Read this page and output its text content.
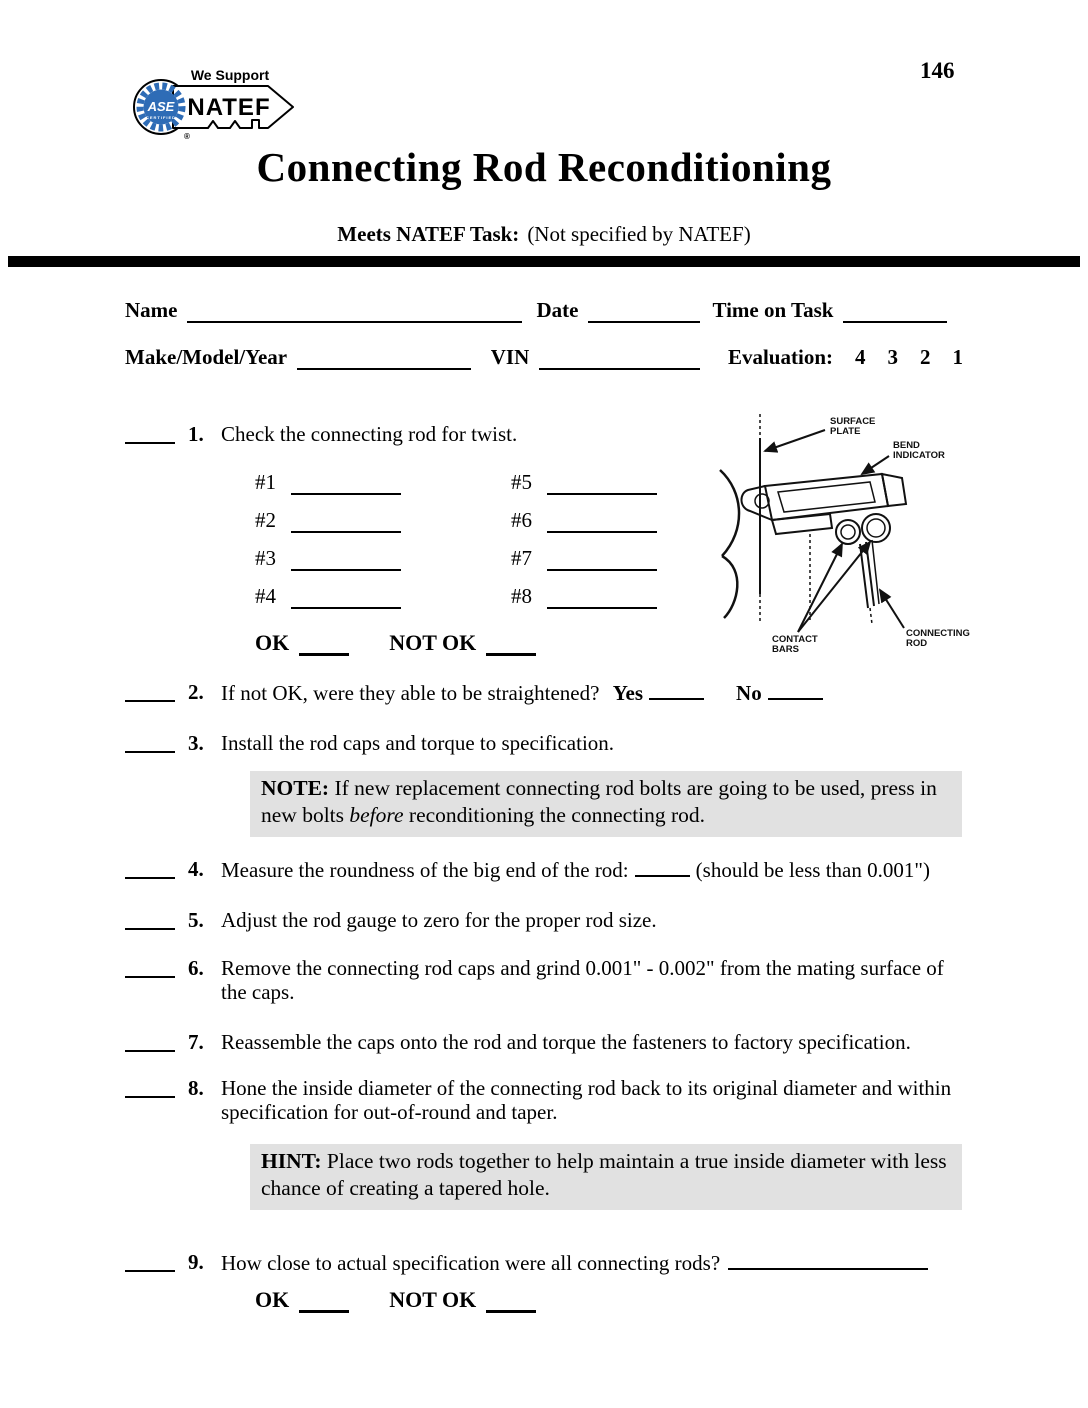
ASE
CERTIFIED
We Support
NATEF
®
146
Connecting Rod Reconditioning
Meets NATEF Task: (Not specified by NATEF)
Name	Date	Time on Task
Make/Model/Year	VIN	Evaluation: 4 3 2 1
SURFACE
PLATE
BEND
INDICATOR
CONTACT
BARS
CONNECTING
ROD
1. Check the connecting rod for twist.
#1	#5
#2	#6
#3	#7
#4	#8
OK	NOT OK
2. If not OK, were they able to be straightened? Yes	No
3. Install the rod caps and torque to specification.
NOTE: If new replacement connecting rod bolts are going to be used, press in new bolts before reconditioning the connecting rod.
4. Measure the roundness of the big end of the rod:	(should be less than 0.001")
5. Adjust the rod gauge to zero for the proper rod size.
6. Remove the connecting rod caps and grind 0.001" - 0.002" from the mating surface of the caps.
7. Reassemble the caps onto the rod and torque the fasteners to factory specification.
8. Hone the inside diameter of the connecting rod back to its original diameter and within specification for out-of-round and taper.
HINT: Place two rods together to help maintain a true inside diameter with less chance of creating a tapered hole.
9. How close to actual specification were all connecting rods?
OK	NOT OK
